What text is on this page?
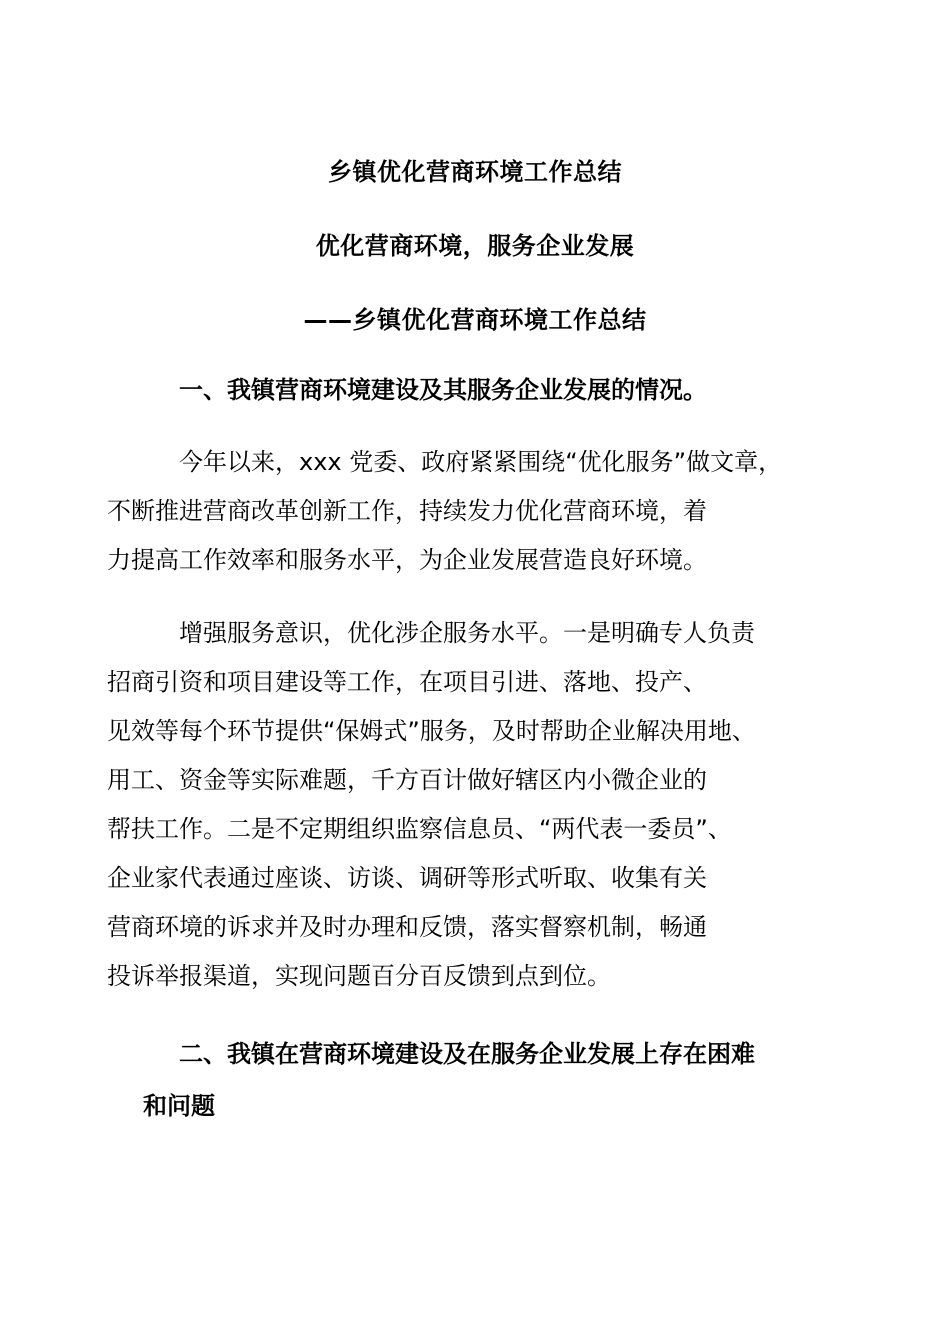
乡镇优化营商环境工作总结
优化营商环境，服务企业发展
——乡镇优化营商环境工作总结
一、我镇营商环境建设及其服务企业发展的情况。
今年以来，xxx 党委、政府紧紧围绕“优化服务”做文章，
不断推进营商改革创新工作，持续发力优化营商环境，着
力提高工作效率和服务水平，为企业发展营造良好环境。
增强服务意识，优化涉企服务水平。一是明确专人负责
招商引资和项目建设等工作，在项目引进、落地、投产、
见效等每个环节提供“保姆式”服务，及时帮助企业解决用地、
用工、资金等实际难题，千方百计做好辖区内小微企业的
帮扶工作。二是不定期组织监察信息员、“两代表一委员”、
企业家代表通过座谈、访谈、调研等形式听取、收集有关
营商环境的诉求并及时办理和反馈，落实督察机制，畅通
投诉举报渠道，实现问题百分百反馈到点到位。
二、我镇在营商环境建设及在服务企业发展上存在困难
和问题
